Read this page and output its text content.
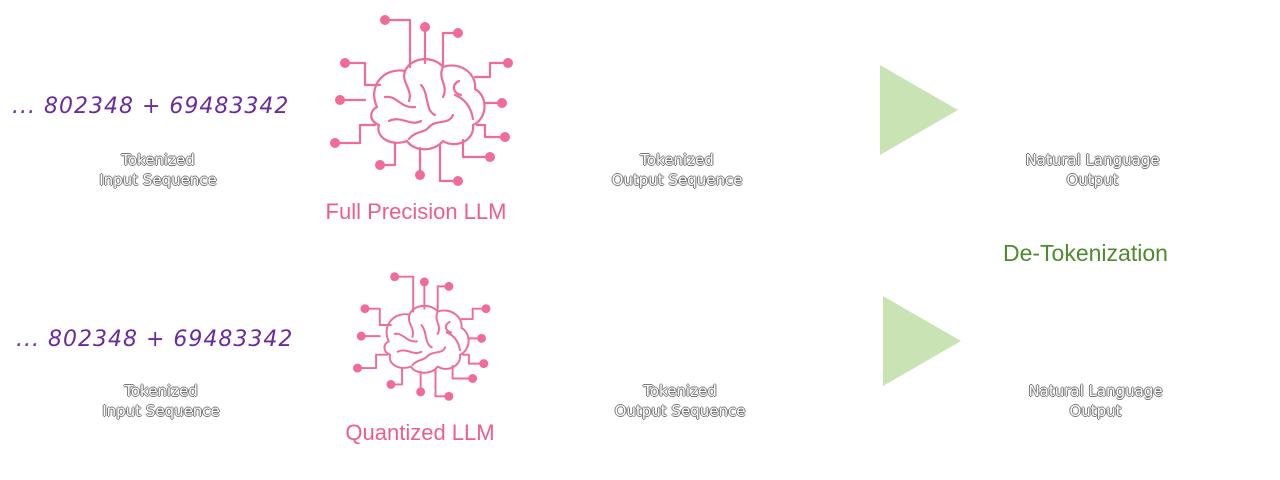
... 802348 + 69483342
Tokenized
Input Sequence
Full Precision LLM
Tokenized
Output Sequence
Natural Language
Output
De-Tokenization
... 802348 + 69483342
Tokenized
Input Sequence
Quantized LLM
Tokenized
Output Sequence
Natural Language
Output
